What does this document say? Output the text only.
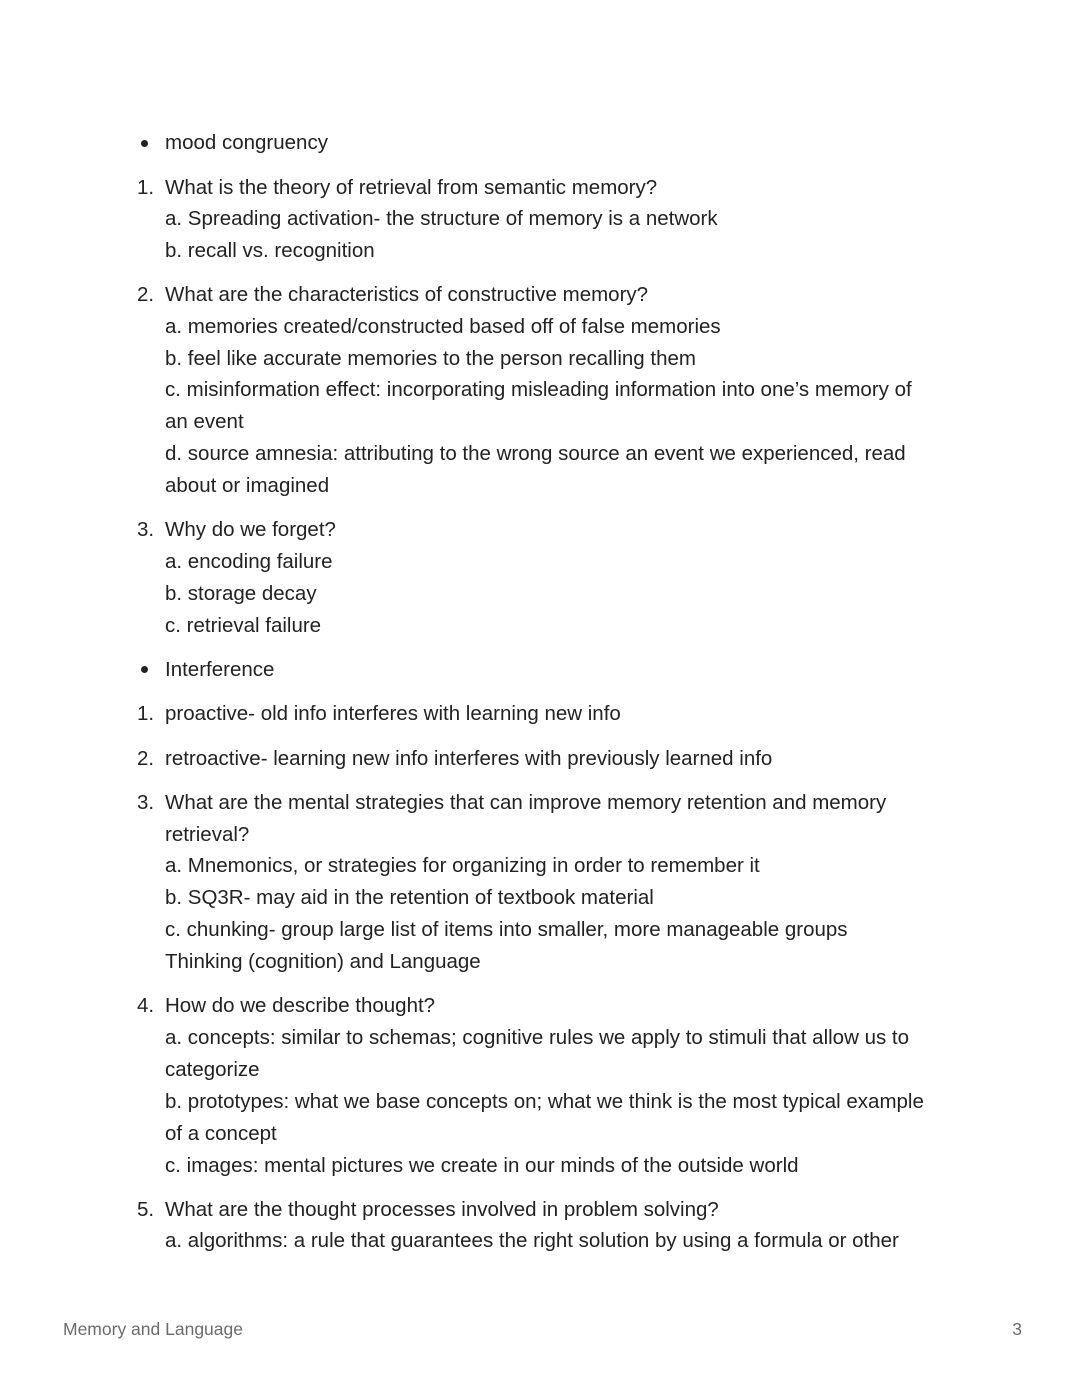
mood congruency
1. What is the theory of retrieval from semantic memory?
a. Spreading activation- the structure of memory is a network
b. recall vs. recognition
2. What are the characteristics of constructive memory?
a. memories created/constructed based off of false memories
b. feel like accurate memories to the person recalling them
c. misinformation effect: incorporating misleading information into one’s memory of
an event
d. source amnesia: attributing to the wrong source an event we experienced, read
about or imagined
3. Why do we forget?
a. encoding failure
b. storage decay
c. retrieval failure
Interference
1. proactive- old info interferes with learning new info
2. retroactive- learning new info interferes with previously learned info
3. What are the mental strategies that can improve memory retention and memory
retrieval?
a. Mnemonics, or strategies for organizing in order to remember it
b. SQ3R- may aid in the retention of textbook material
c. chunking- group large list of items into smaller, more manageable groups
Thinking (cognition) and Language
4. How do we describe thought?
a. concepts: similar to schemas; cognitive rules we apply to stimuli that allow us to
categorize
b. prototypes: what we base concepts on; what we think is the most typical example
of a concept
c. images: mental pictures we create in our minds of the outside world
5. What are the thought processes involved in problem solving?
a. algorithms: a rule that guarantees the right solution by using a formula or other
Memory and Language	3
